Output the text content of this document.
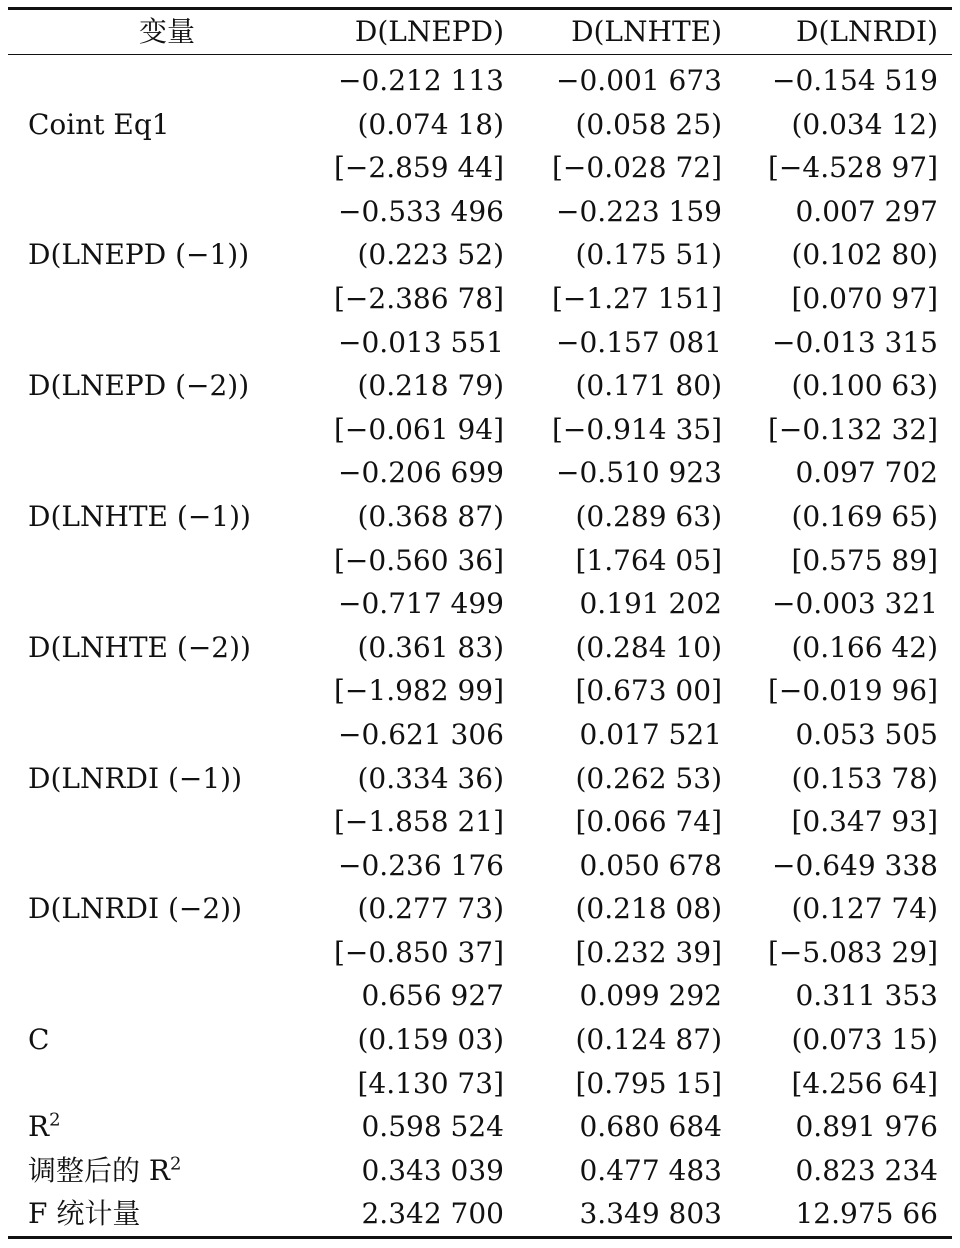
变量	D(LNEPD)	D(LNHTE)	D(LNRDI)	
	−0.212 113	−0.001 673	−0.154 519	
Coint Eq1	(0.074 18)	(0.058 25)	(0.034 12)	
	[−2.859 44]	[−0.028 72]	[−4.528 97]	
	−0.533 496	−0.223 159	0.007 297	
D(LNEPD (−1))	(0.223 52)	(0.175 51)	(0.102 80)	
	[−2.386 78]	[−1.27 151]	[0.070 97]	
	−0.013 551	−0.157 081	−0.013 315	
D(LNEPD (−2))	(0.218 79)	(0.171 80)	(0.100 63)	
	[−0.061 94]	[−0.914 35]	[−0.132 32]	
	−0.206 699	−0.510 923	0.097 702	
D(LNHTE (−1))	(0.368 87)	(0.289 63)	(0.169 65)	
	[−0.560 36]	[1.764 05]	[0.575 89]	
	−0.717 499	0.191 202	−0.003 321	
D(LNHTE (−2))	(0.361 83)	(0.284 10)	(0.166 42)	
	[−1.982 99]	[0.673 00]	[−0.019 96]	
	−0.621 306	0.017 521	0.053 505	
D(LNRDI (−1))	(0.334 36)	(0.262 53)	(0.153 78)	
	[−1.858 21]	[0.066 74]	[0.347 93]	
	−0.236 176	0.050 678	−0.649 338	
D(LNRDI (−2))	(0.277 73)	(0.218 08)	(0.127 74)	
	[−0.850 37]	[0.232 39]	[−5.083 29]	
	0.656 927	0.099 292	0.311 353	
C	(0.159 03)	(0.124 87)	(0.073 15)	
	[4.130 73]	[0.795 15]	[4.256 64]	
$R^2$	0.598 524	0.680 684	0.891 976	
调整后的 $R^2$	0.343 039	0.477 483	0.823 234	
F 统计量	2.342 700	3.349 803	12.975 66	
